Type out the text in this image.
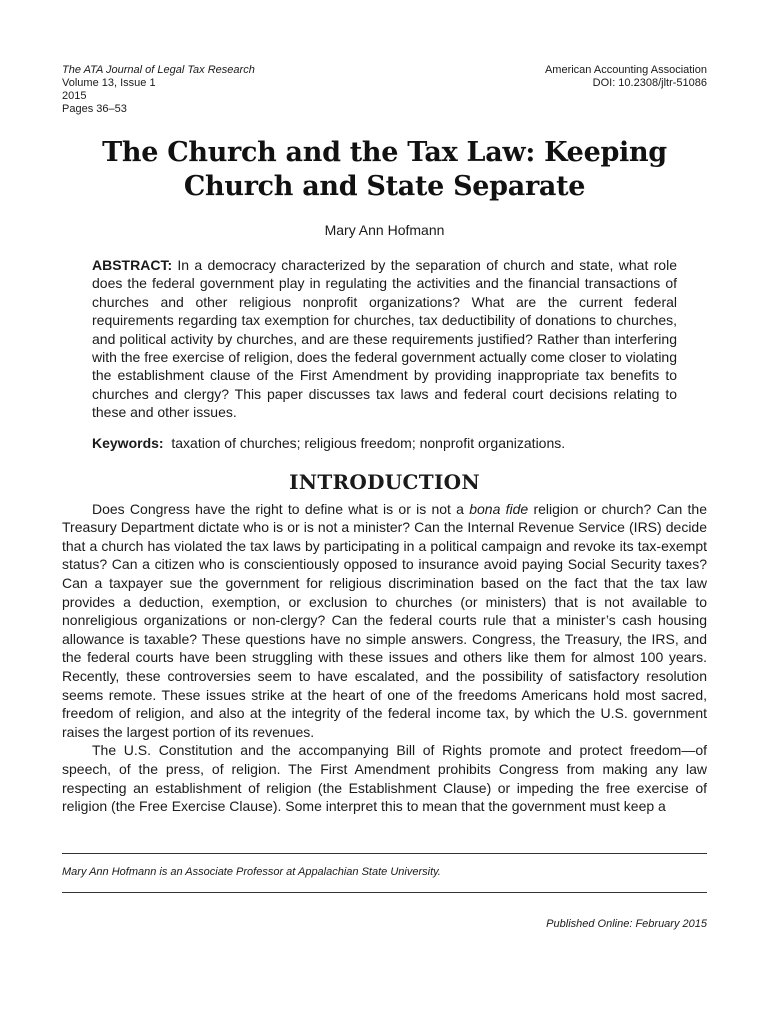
The ATA Journal of Legal Tax Research
Volume 13, Issue 1
2015
Pages 36–53
American Accounting Association
DOI: 10.2308/jltr-51086
The Church and the Tax Law: Keeping
Church and State Separate
Mary Ann Hofmann
ABSTRACT: In a democracy characterized by the separation of church and state, what role does the federal government play in regulating the activities and the financial transactions of churches and other religious nonprofit organizations? What are the current federal requirements regarding tax exemption for churches, tax deductibility of donations to churches, and political activity by churches, and are these requirements justified? Rather than interfering with the free exercise of religion, does the federal government actually come closer to violating the establishment clause of the First Amendment by providing inappropriate tax benefits to churches and clergy? This paper discusses tax laws and federal court decisions relating to these and other issues.
Keywords:  taxation of churches; religious freedom; nonprofit organizations.
INTRODUCTION

Does Congress have the right to define what is or is not a bona fide religion or church? Can the Treasury Department dictate who is or is not a minister? Can the Internal Revenue Service (IRS) decide that a church has violated the tax laws by participating in a political campaign and revoke its tax-exempt status? Can a citizen who is conscientiously opposed to insurance avoid paying Social Security taxes? Can a taxpayer sue the government for religious discrimination based on the fact that the tax law provides a deduction, exemption, or exclusion to churches (or ministers) that is not available to nonreligious organizations or non-clergy? Can the federal courts rule that a minister’s cash housing allowance is taxable? These questions have no simple answers. Congress, the Treasury, the IRS, and the federal courts have been struggling with these issues and others like them for almost 100 years. Recently, these controversies seem to have escalated, and the possibility of satisfactory resolution seems remote. These issues strike at the heart of one of the freedoms Americans hold most sacred, freedom of religion, and also at the integrity of the federal income tax, by which the U.S. government raises the largest portion of its revenues.

The U.S. Constitution and the accompanying Bill of Rights promote and protect freedom—of speech, of the press, of religion. The First Amendment prohibits Congress from making any law respecting an establishment of religion (the Establishment Clause) or impeding the free exercise of religion (the Free Exercise Clause). Some interpret this to mean that the government must keep a

Mary Ann Hofmann is an Associate Professor at Appalachian State University.
Published Online: February 2015
